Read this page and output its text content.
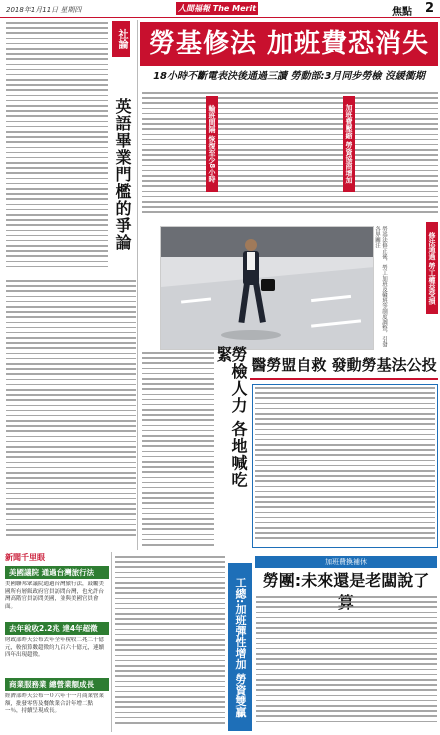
2018年1月11日 星期四	人間福報 The Merit	焦點 2
勞基修法 加班費恐消失
18小時不斷電表決後通過三讀 勞動部:3月同步勞檢 沒緩衝期
社論
英語畢業門檻的爭論
修法通過 勞工權益受損
加班費壓縮 勞資協商增加
輪班間隔 恢復至少8小時
勞基法修正後，勞工加班及輪班等制度調整，引發各界關注
勞檢人力 各地喊吃緊
醫勞盟自救 發動勞基法公投
新聞千里眼
美國議院 通過台灣旅行法
美國聯邦眾議院通過台灣旅行法，鼓勵美國所有層級政府官員訪問台灣，也允許台灣高階官員訪問美國，並與美國官員會面。
去年稅收2.2兆 達4年超徵
財政部昨天公布去年全年稅收二兆二千億元，較預算數超徵約九百六十億元，連續四年出現超徵。
商業服務業 總營業額成長
經濟部昨天公布一０六年十一月商業營業額，批發零售及餐飲業合計年增二點一％，持續呈現成長。	工總:加班彈性增加 勞資雙贏
加班費換補休
勞團:未來還是老闆說了算
